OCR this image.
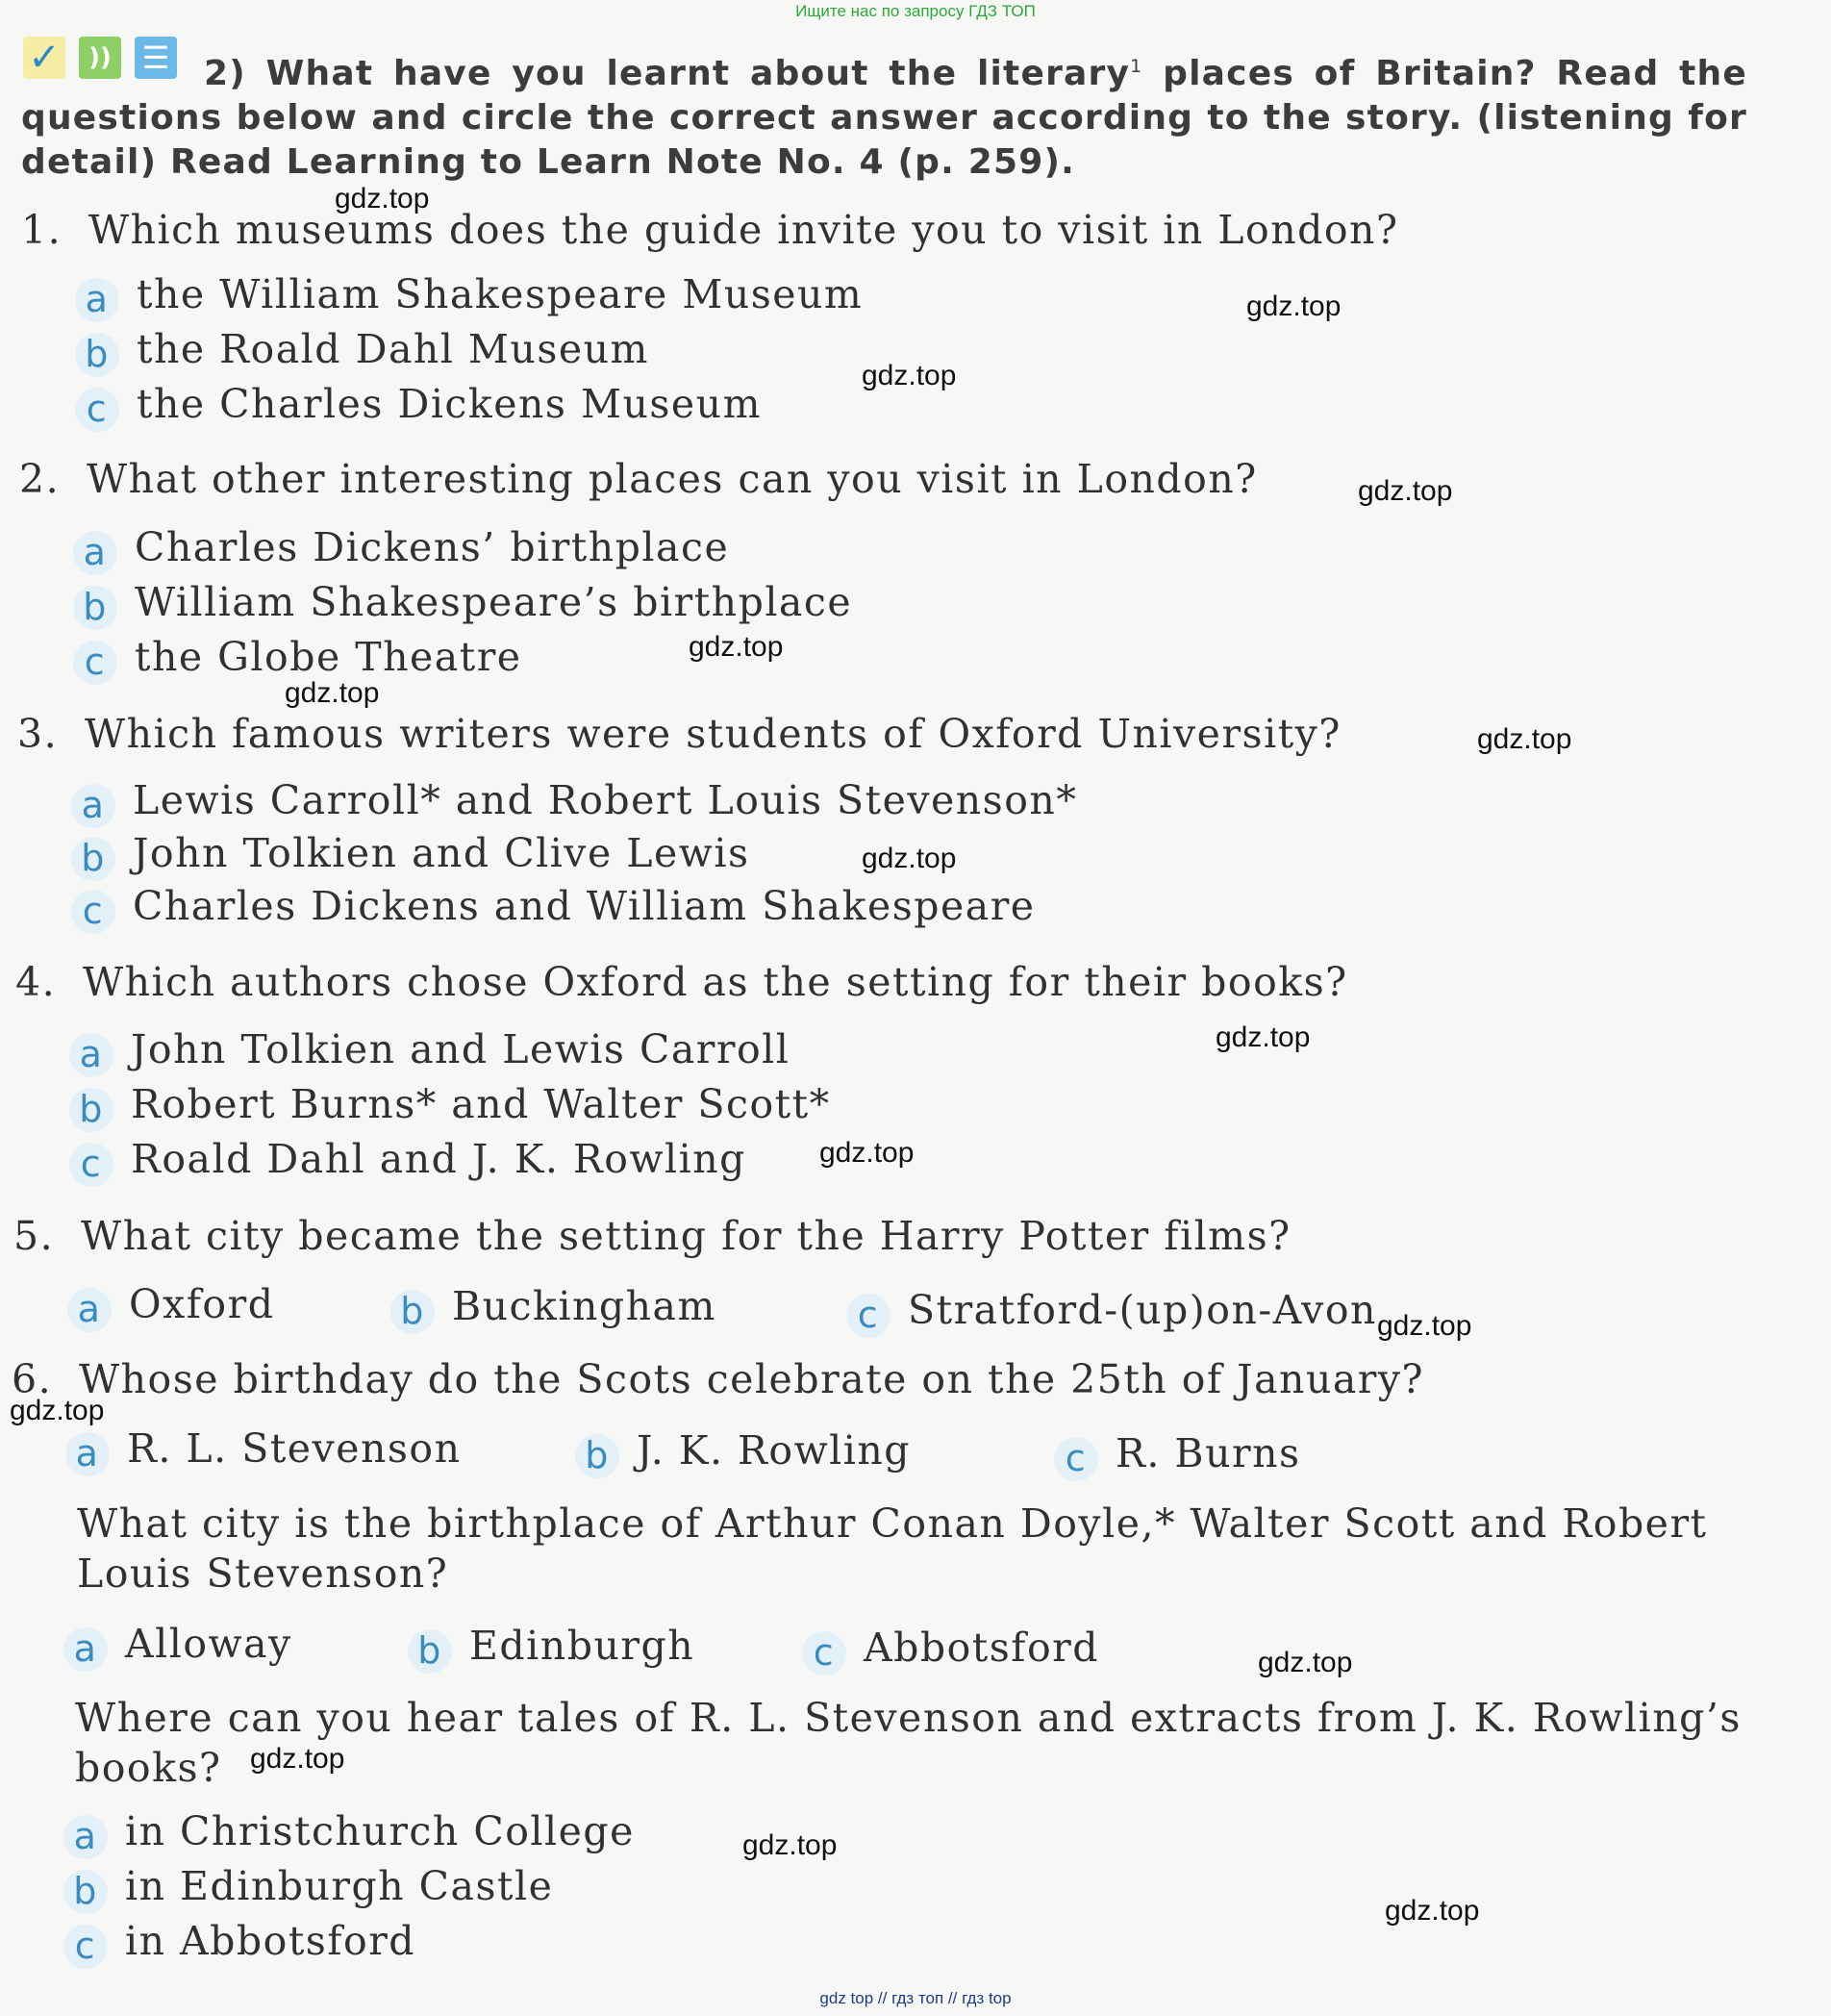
Ищите нас по запросу ГДЗ ТОП
✓	)) ☰ 2) What have you learnt about the literary$^1$ places of Britain? Read the questions below and circle the correct answer according to the story. (listening for detail) Read Learning to Learn Note No. 4 (p. 259).
1. Which museums does the guide invite you to visit in London?
a the William Shakespeare Museum
b the Roald Dahl Museum
c the Charles Dickens Museum
2. What other interesting places can you visit in London?
a Charles Dickens’ birthplace
b William Shakespeare’s birthplace
c the Globe Theatre
3. Which famous writers were students of Oxford University?
a Lewis Carroll* and Robert Louis Stevenson*
b John Tolkien and Clive Lewis
c Charles Dickens and William Shakespeare
4. Which authors chose Oxford as the setting for their books?
a John Tolkien and Lewis Carroll
b Robert Burns* and Walter Scott*
c Roald Dahl and J. K. Rowling
5. What city became the setting for the Harry Potter films?
a Oxford	b Buckingham	c Stratford-(up)on-Avon
6. Whose birthday do the Scots celebrate on the 25th of January?
a R. L. Stevenson	b J. K. Rowling	c R. Burns
What city is the birthplace of Arthur Conan Doyle,* Walter Scott and Robert Louis Stevenson?
a Alloway	b Edinburgh	c Abbotsford
Where can you hear tales of R. L. Stevenson and extracts from J. K. Rowling’s books?
a in Christchurch College
b in Edinburgh Castle
c in Abbotsford
gdz.top
gdz.top
gdz.top
gdz.top
gdz.top
gdz.top
gdz.top
gdz.top
gdz.top
gdz.top
gdz.top
gdz.top
gdz.top
gdz.top
gdz.top
gdz.top
gdz top // гдз топ // гдз top
